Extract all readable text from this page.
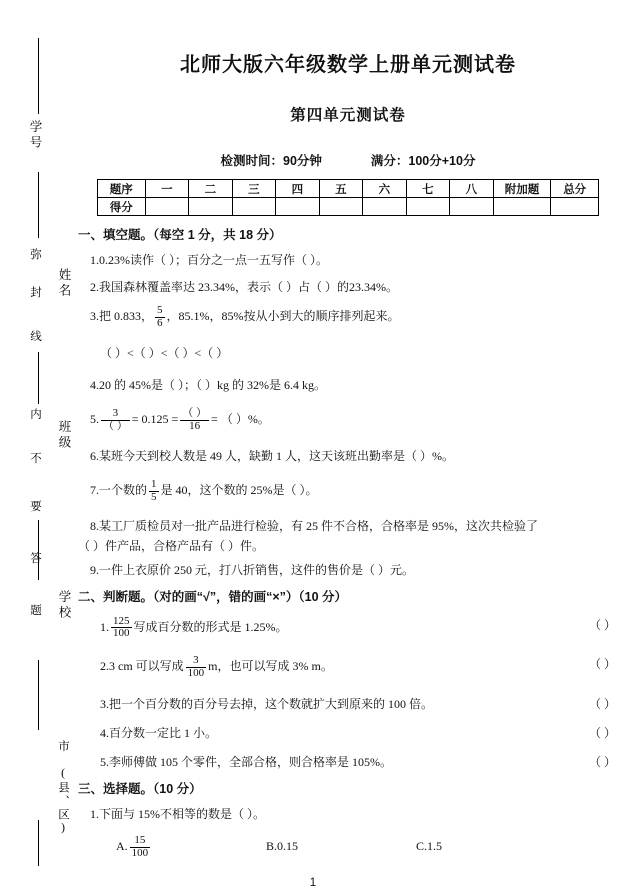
学号
姓名
班级
学校
市 (县、区)
弥
封
线
内
不
要
答
题
北师大版六年级数学上册单元测试卷
第四单元测试卷
检测时间：90分钟	满分：100分+10分
题序	一	二	三	四	五	六	七	八	附加题	总分
得分										
一、填空题。（每空 1 分，共 18 分）
1.0.23%读作（ ）；百分之一点一五写作（ ）。
2.我国森林覆盖率达 23.34%，表示（ ）占（ ）的23.34%。
3.把 0.833， $\frac{5}{6}$ ，85.1%，85%按从小到大的顺序排列起来。
（ ）<（ ）<（ ）<（ ）
4.20 的 45%是（ ）；（ ）kg 的 32%是 6.4 kg。
5. $\frac{3}{( )} = 0.125 = \frac{( )}{16}$ = （ ）%。
6.某班今天到校人数是 49 人，缺勤 1 人，这天该班出勤率是（ ）%。
7.一个数的 $\frac{1}{5}$ 是 40，这个数的 25%是（ ）。
8.某工厂质检员对一批产品进行检验，有 25 件不合格，合格率是 95%，这次共检验了
（ ）件产品，合格产品有（ ）件。
9.一件上衣原价 250 元，打八折销售，这件的售价是（ ）元。
二、判断题。（对的画“√”，错的画“×”）（10 分）
（ ）
1. $\frac{125}{100}$ 写成百分数的形式是 1.25%。
（ ）
2.3 cm 可以写成 $\frac{3}{100}$ m，也可以写成 3% m。
（ ）
3.把一个百分数的百分号去掉，这个数就扩大到原来的 100 倍。
（ ）
4.百分数一定比 1 小。
（ ）
5.李师傅做 105 个零件，全部合格，则合格率是 105%。
三、选择题。（10 分）
1.下面与 15%不相等的数是（ ）。
A. $\frac{15}{100}$	B.0.15	C.1.5
1
